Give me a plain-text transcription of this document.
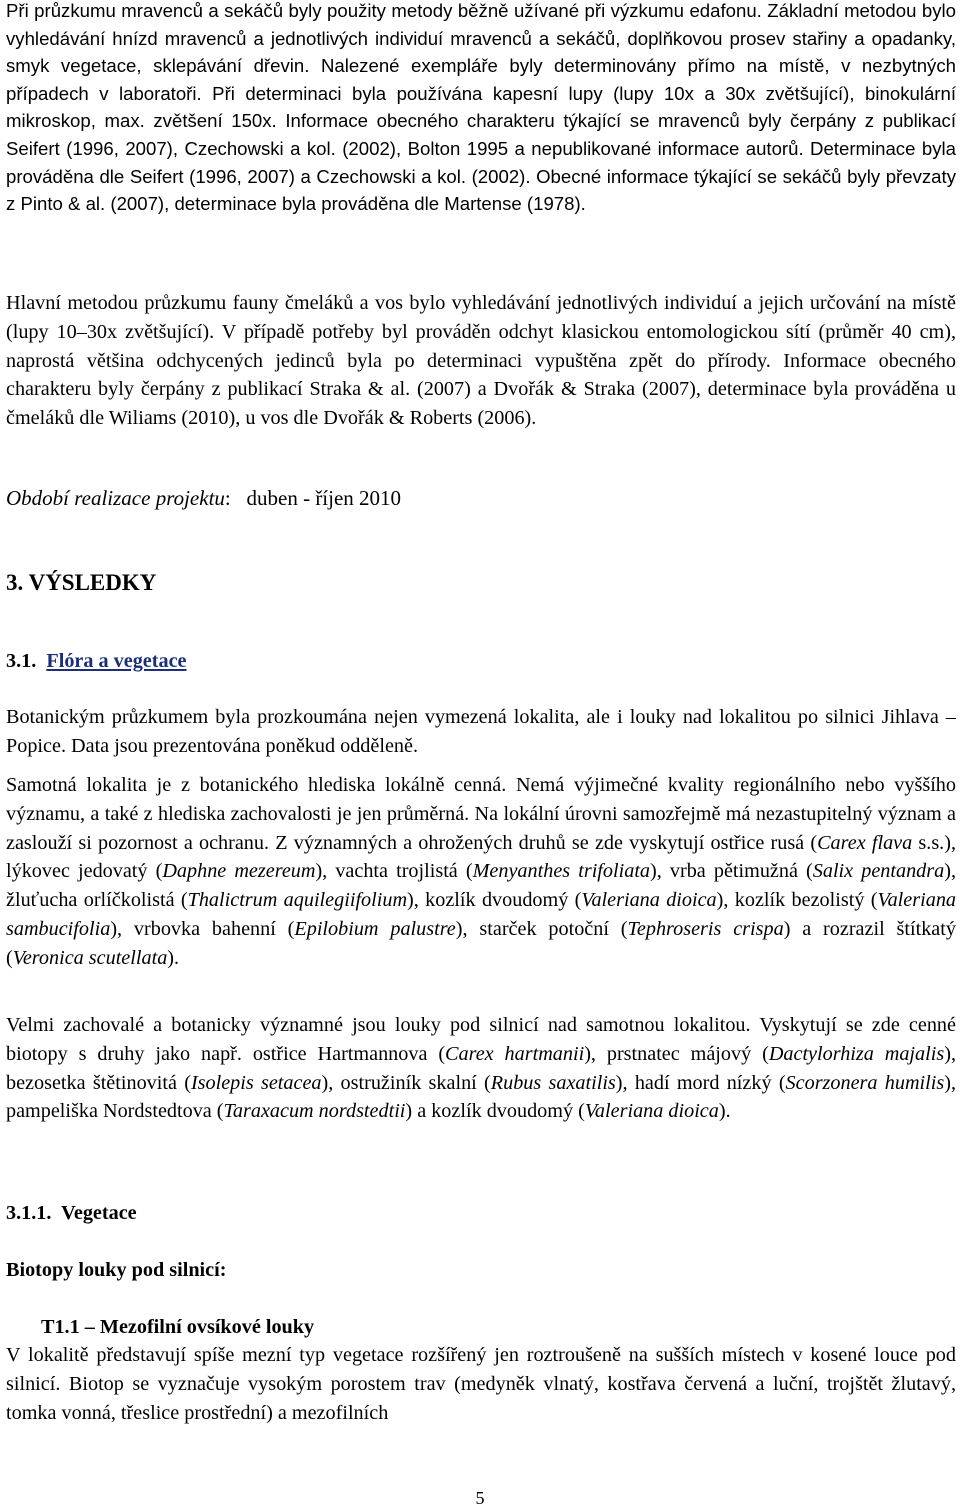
Při průzkumu mravenců a sekáčů byly použity metody běžně užívané při výzkumu edafonu. Základní metodou bylo vyhledávání hnízd mravenců a jednotlivých individuí mravenců a sekáčů, doplňkovou prosev stařiny a opadanky, smyk vegetace, sklepávání dřevin. Nalezené exempláře byly determinovány přímo na místě, v nezbytných případech v laboratoři. Při determinaci byla používána kapesní lupy (lupy 10x a 30x zvětšující), binokulární mikroskop, max. zvětšení 150x. Informace obecného charakteru týkající se mravenců byly čerpány z publikací Seifert (1996, 2007), Czechowski a kol. (2002), Bolton 1995 a nepublikované informace autorů. Determinace byla prováděna dle Seifert (1996, 2007) a Czechowski a kol. (2002). Obecné informace týkající se sekáčů byly převzaty z Pinto & al. (2007), determinace byla prováděna dle Martense (1978).

Hlavní metodou průzkumu fauny čmeláků a vos bylo vyhledávání jednotlivých individuí a jejich určování na místě (lupy 10–30x zvětšující). V případě potřeby byl prováděn odchyt klasickou entomologickou sítí (průměr 40 cm), naprostá většina odchycených jedinců byla po determinaci vypuštěna zpět do přírody. Informace obecného charakteru byly čerpány z publikací Straka & al. (2007) a Dvořák & Straka (2007), determinace byla prováděna u čmeláků dle Wiliams (2010), u vos dle Dvořák & Roberts (2006).

Období realizace projektu: duben - říjen 2010

3. VÝSLEDKY

3.1. Flóra a vegetace

Botanickým průzkumem byla prozkoumána nejen vymezená lokalita, ale i louky nad lokalitou po silnici Jihlava – Popice. Data jsou prezentována poněkud odděleně.

Samotná lokalita je z botanického hlediska lokálně cenná. Nemá výjimečné kvality regionálního nebo vyššího významu, a také z hlediska zachovalosti je jen průměrná. Na lokální úrovni samozřejmě má nezastupitelný význam a zaslouží si pozornost a ochranu. Z významných a ohrožených druhů se zde vyskytují ostřice rusá (Carex flava s.s.), lýkovec jedovatý (Daphne mezereum), vachta trojlistá (Menyanthes trifoliata), vrba pětimužná (Salix pentandra), žluťucha orlíčkolistá (Thalictrum aquilegiifolium), kozlík dvoudomý (Valeriana dioica), kozlík bezolistý (Valeriana sambucifolia), vrbovka bahenní (Epilobium palustre), starček potoční (Tephroseris crispa) a rozrazil štítkatý (Veronica scutellata).

Velmi zachovalé a botanicky významné jsou louky pod silnicí nad samotnou lokalitou. Vyskytují se zde cenné biotopy s druhy jako např. ostřice Hartmannova (Carex hartmanii), prstnatec májový (Dactylorhiza majalis), bezosetka štětinovitá (Isolepis setacea), ostružiník skalní (Rubus saxatilis), hadí mord nízký (Scorzonera humilis), pampeliška Nordstedtova (Taraxacum nordstedtii) a kozlík dvoudomý (Valeriana dioica).

3.1.1.  Vegetace

Biotopy louky pod silnicí:

T1.1 – Mezofilní ovsíkové louky

V lokalitě představují spíše mezní typ vegetace rozšířený jen roztroušeně na sušších místech v kosené louce pod silnicí. Biotop se vyznačuje vysokým porostem trav (medyněk vlnatý, kostřava červená a luční, trojštět žlutavý, tomka vonná, třeslice prostřední) a mezofilních

5
